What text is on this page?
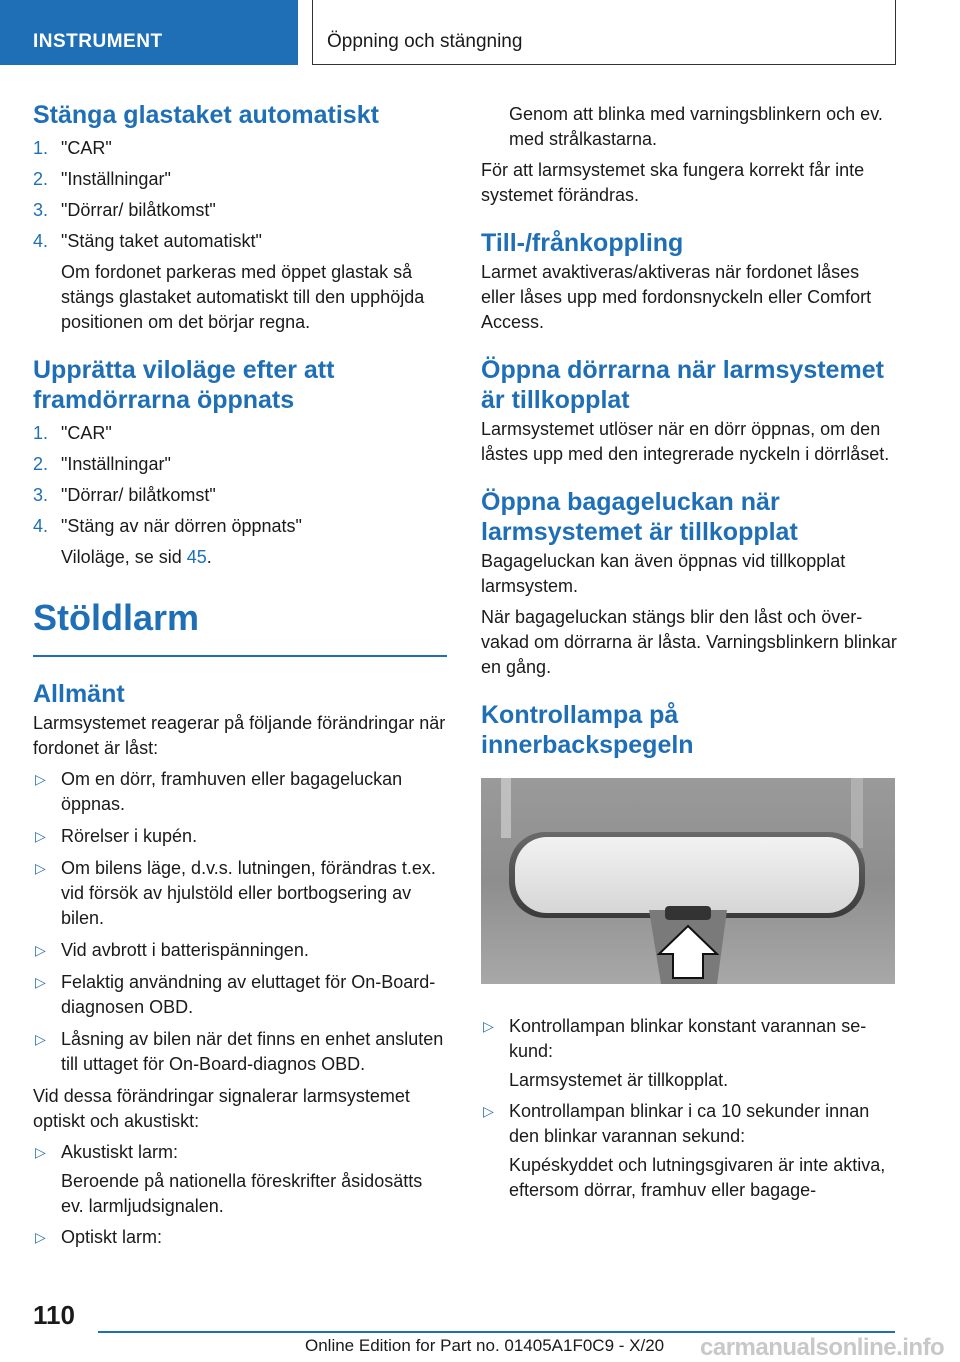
INSTRUMENT	Öppning och stängning
Stänga glastaket automatiskt
1. "CAR"
2. "Inställningar"
3. "Dörrar/ bilåtkomst"
4. "Stäng taket automatiskt"
Om fordonet parkeras med öppet glastak så stängs glastaket automatiskt till den upphöjda positionen om det börjar regna.
Upprätta viloläge efter att framdörrarna öppnats
1. "CAR"
2. "Inställningar"
3. "Dörrar/ bilåtkomst"
4. "Stäng av när dörren öppnats"
Viloläge, se sid 45.
Stöldlarm
Allmänt

Larmsystemet reagerar på följande förändringar när fordonet är låst:

▷ Om en dörr, framhuven eller bagageluckan öppnas.
▷ Rörelser i kupén.
▷ Om bilens läge, d.v.s. lutningen, förändras t.ex. vid försök av hjulstöld eller bortbogsering av bilen.
▷ Vid avbrott i batterispänningen.
▷ Felaktig användning av eluttaget för On-Board-diagnosen OBD.
▷ Låsning av bilen när det finns en enhet ansluten till uttaget för On-Board-diagnos OBD.

Vid dessa förändringar signalerar larmsystemet optiskt och akustiskt:

▷ Akustiskt larm:
Beroende på nationella föreskrifter åsidosätts ev. larmljudsignalen.
▷ Optiskt larm:
Genom att blinka med varningsblinkern och ev. med strålkastarna.

För att larmsystemet ska fungera korrekt får inte systemet förändras.

Till-/frånkoppling

Larmet avaktiveras/aktiveras när fordonet låses eller låses upp med fordonsnyckeln eller Comfort Access.

Öppna dörrarna när larmsystemet är tillkopplat

Larmsystemet utlöser när en dörr öppnas, om den låstes upp med den integrerade nyckeln i dörrlåset.

Öppna bagageluckan när larmsystemet är tillkopplat

Bagageluckan kan även öppnas vid tillkopplat larmsystem.

När bagageluckan stängs blir den låst och övervakad om dörrarna är låsta. Varningsblinkern blinkar en gång.

Kontrollampa på innerbackspegeln
▷ Kontrollampan blinkar konstant varannan sekund:
Larmsystemet är tillkopplat.
▷ Kontrollampan blinkar i ca 10 sekunder innan den blinkar varannan sekund:
Kupéskyddet och lutningsgivaren är inte aktiva, eftersom dörrar, framhuv eller bagage-
110
Online Edition for Part no. 01405A1F0C9 - X/20 carmanualsonline.info
